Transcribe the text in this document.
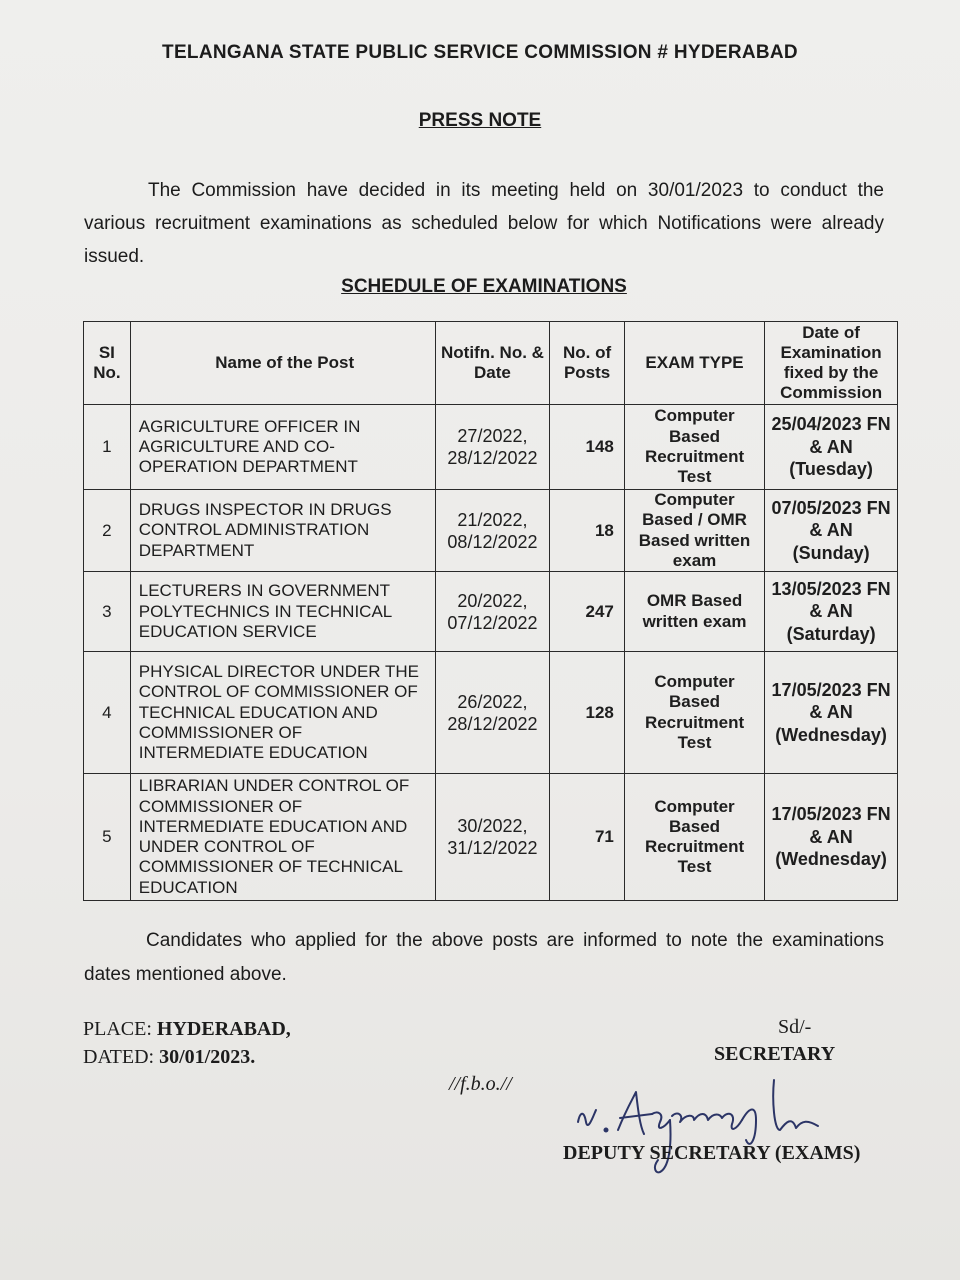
TELANGANA STATE PUBLIC SERVICE COMMISSION # HYDERABAD
PRESS NOTE
The Commission have decided in its meeting held on 30/01/2023 to conduct the various recruitment examinations as scheduled below for which Notifications were already issued.
SCHEDULE OF EXAMINATIONS
SI No.	Name of the Post	Notifn. No. & Date	No. of Posts	EXAM TYPE	Date of Examination fixed by the Commission
1	AGRICULTURE OFFICER IN AGRICULTURE AND CO-OPERATION DEPARTMENT	27/2022, 28/12/2022	148	Computer Based Recruitment Test	25/04/2023 FN & AN (Tuesday)
2	DRUGS INSPECTOR IN DRUGS CONTROL ADMINISTRATION DEPARTMENT	21/2022, 08/12/2022	18	Computer Based / OMR Based written exam	07/05/2023 FN & AN (Sunday)
3	LECTURERS IN GOVERNMENT POLYTECHNICS IN TECHNICAL EDUCATION SERVICE	20/2022, 07/12/2022	247	OMR Based written exam	13/05/2023 FN & AN (Saturday)
4	PHYSICAL DIRECTOR UNDER THE CONTROL OF COMMISSIONER OF TECHNICAL EDUCATION AND COMMISSIONER OF INTERMEDIATE EDUCATION	26/2022, 28/12/2022	128	Computer Based Recruitment Test	17/05/2023 FN & AN (Wednesday)
5	LIBRARIAN UNDER CONTROL OF COMMISSIONER OF INTERMEDIATE EDUCATION AND UNDER CONTROL OF COMMISSIONER OF TECHNICAL EDUCATION	30/2022, 31/12/2022	71	Computer Based Recruitment Test	17/05/2023 FN & AN (Wednesday)
Candidates who applied for the above posts are informed to note the examinations dates mentioned above.
PLACE: HYDERABAD,
DATED: 30/01/2023.
Sd/-
SECRETARY
//f.b.o.//
DEPUTY SECRETARY (EXAMS)
